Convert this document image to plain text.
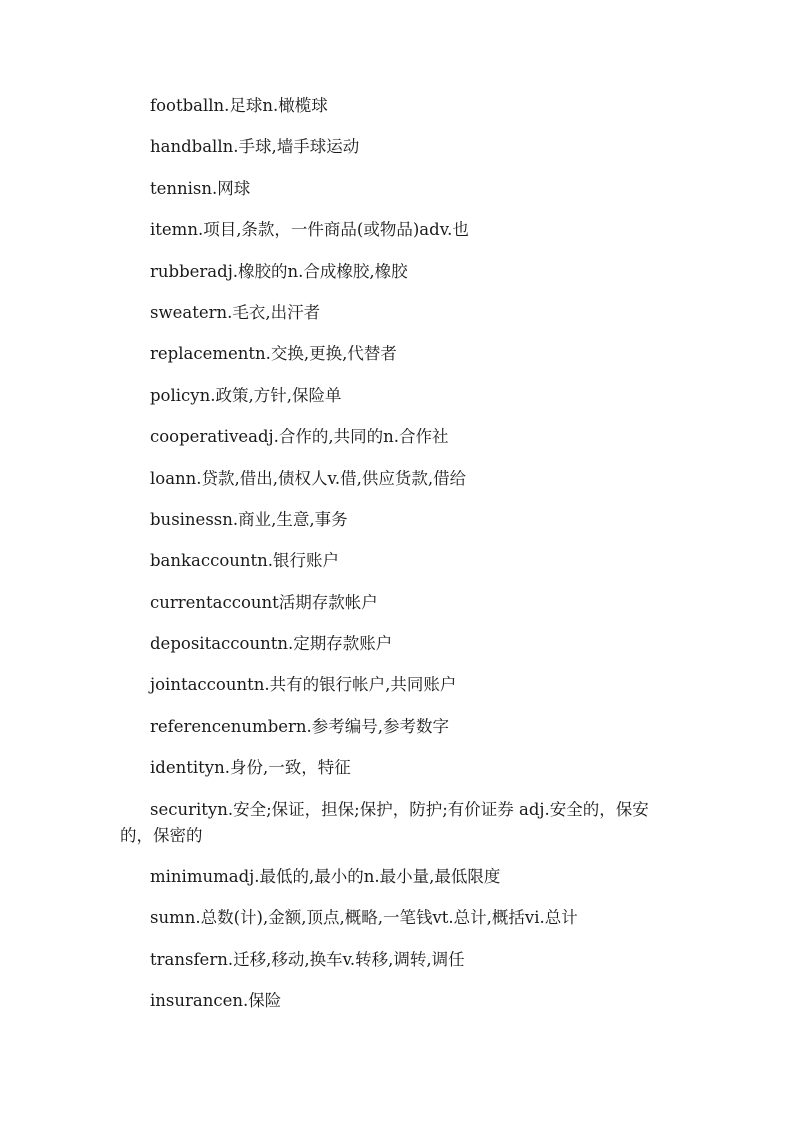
footballn.足球n.橄榄球
handballn.手球,墙手球运动
tennisn.网球
itemn.项目,条款，一件商品(或物品)adv.也
rubberadj.橡胶的n.合成橡胶,橡胶
sweatern.毛衣,出汗者
replacementn.交换,更换,代替者
policyn.政策,方针,保险单
cooperativeadj.合作的,共同的n.合作社
loann.贷款,借出,债权人v.借,供应货款,借给
businessn.商业,生意,事务
bankaccountn.银行账户
currentaccount活期存款帐户
depositaccountn.定期存款账户
jointaccountn.共有的银行帐户,共同账户
referencenumbern.参考编号,参考数字
identityn.身份,一致，特征
securityn.安全;保证，担保;保护，防护;有价证券 adj.安全的，保安的，保密的
minimumadj.最低的,最小的n.最小量,最低限度
sumn.总数(计),金额,顶点,概略,一笔钱vt.总计,概括vi.总计
transfern.迁移,移动,换车v.转移,调转,调任
insurancen.保险
